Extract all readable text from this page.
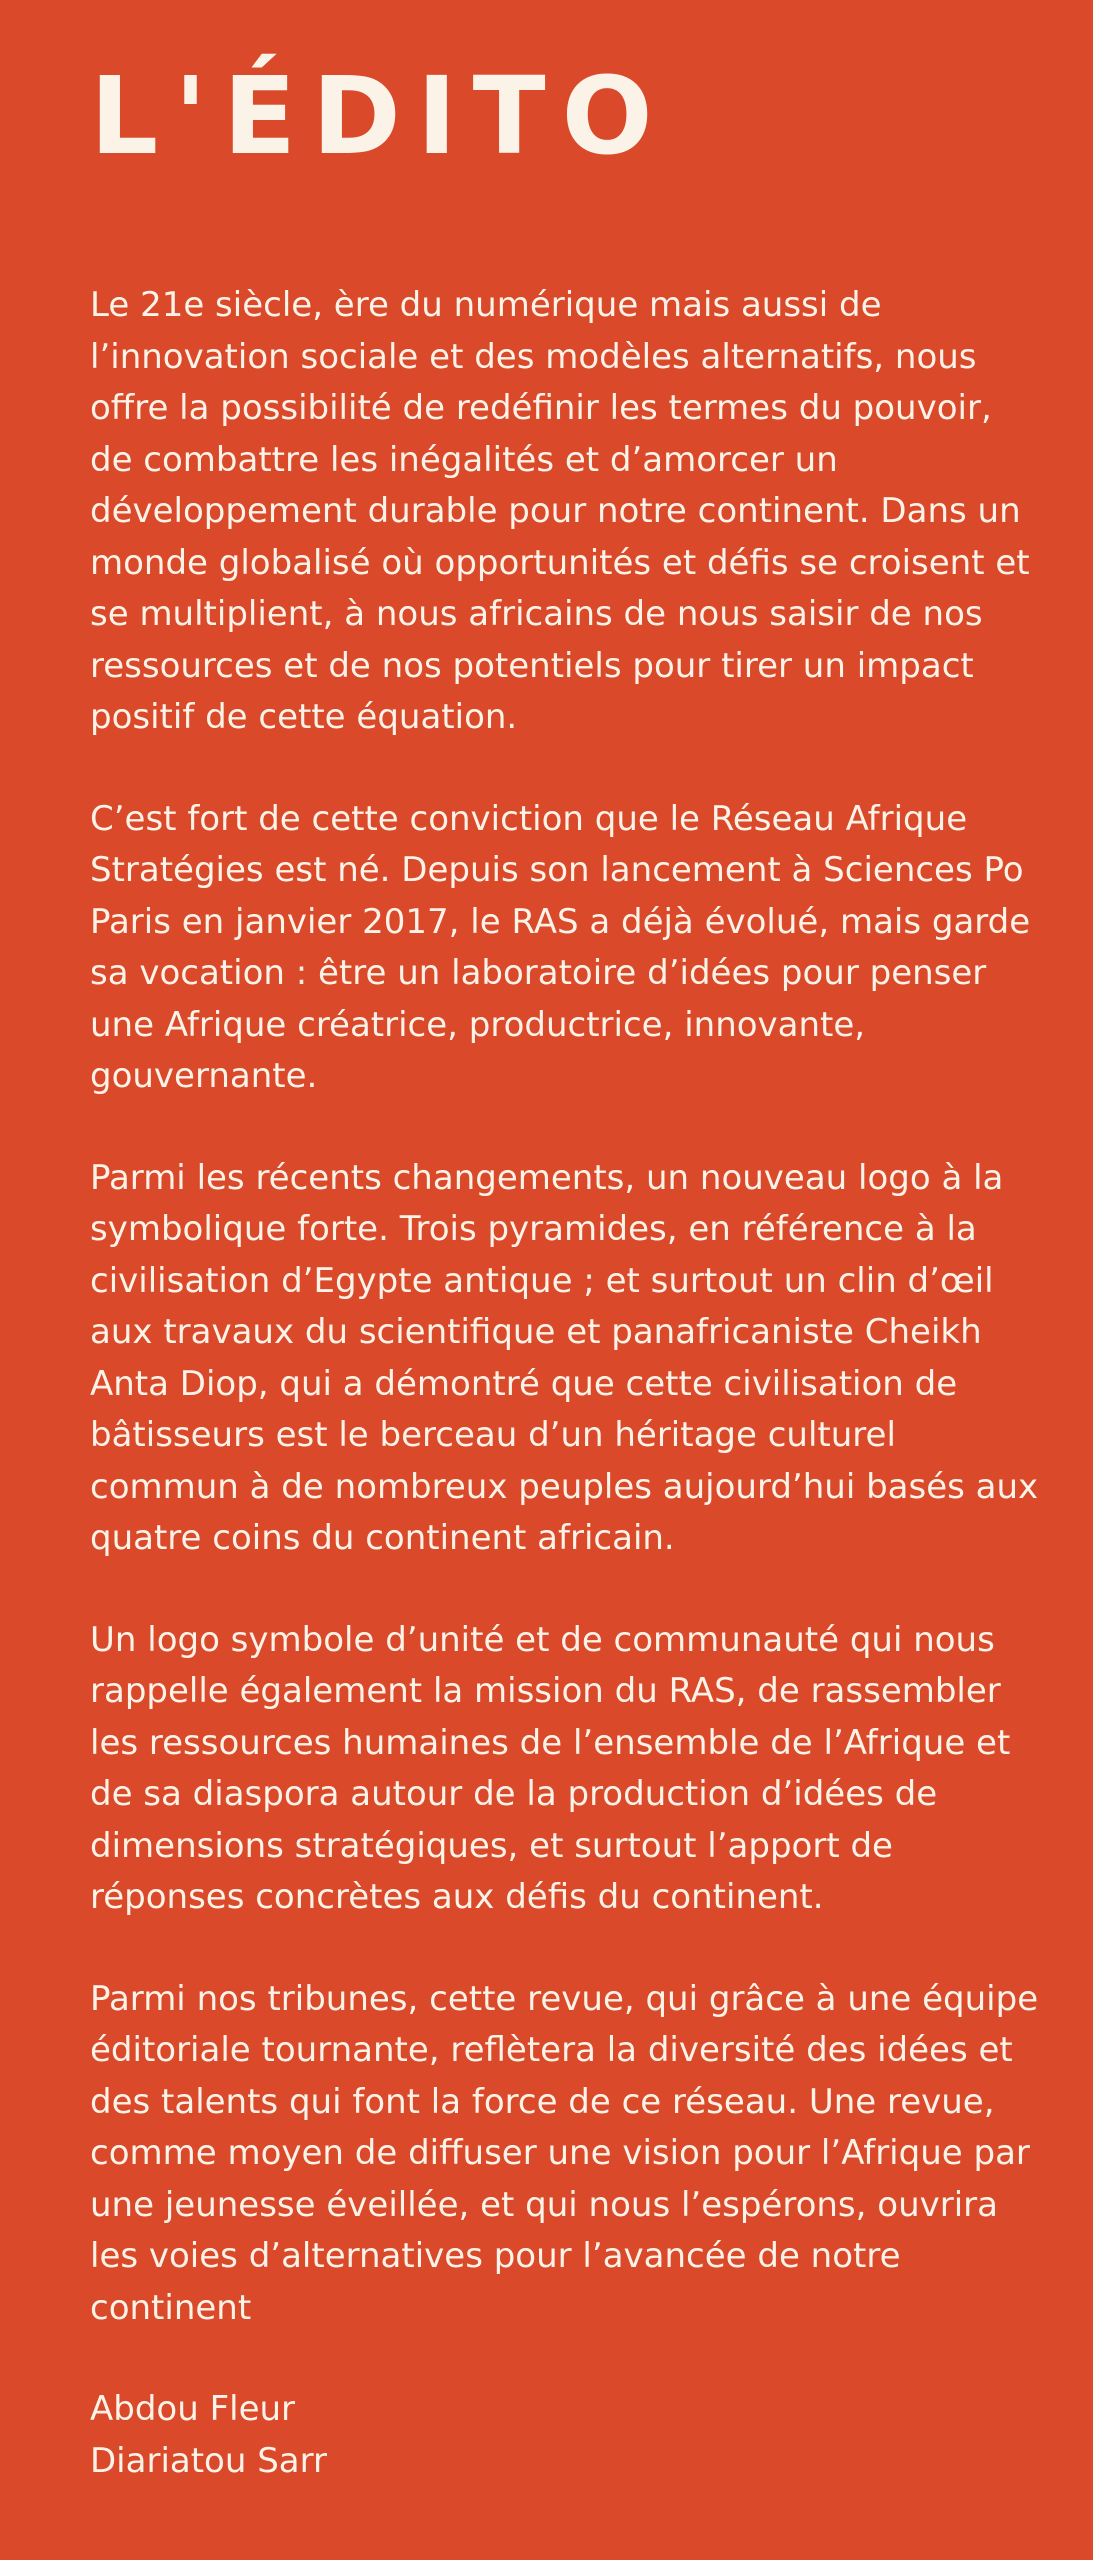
L'ÉDITO

Le 21e siècle, ère du numérique mais aussi de l’innovation sociale et des modèles alternatifs, nous offre la possibilité de redéfinir les termes du pouvoir, de combattre les inégalités et d’amorcer un développement durable pour notre continent. Dans un monde globalisé où opportunités et défis se croisent et se multiplient, à nous africains de nous saisir de nos ressources et de nos potentiels pour tirer un impact positif de cette équation.

C’est fort de cette conviction que le Réseau Afrique Stratégies est né. Depuis son lancement à Sciences Po Paris en janvier 2017, le RAS a déjà évolué, mais garde sa vocation : être un laboratoire d’idées pour penser une Afrique créatrice, productrice, innovante, gouvernante.

Parmi les récents changements, un nouveau logo à la symbolique forte. Trois pyramides, en référence à la civilisation d’Egypte antique ; et surtout un clin d’œil aux travaux du scientifique et panafricaniste Cheikh Anta Diop, qui a démontré que cette civilisation de bâtisseurs est le berceau d’un héritage culturel commun à de nombreux peuples aujourd’hui basés aux quatre coins du continent africain.

Un logo symbole d’unité et de communauté qui nous rappelle également la mission du RAS, de rassembler les ressources humaines de l’ensemble de l’Afrique et de sa diaspora autour de la production d’idées de dimensions stratégiques, et surtout l’apport de réponses concrètes aux défis du continent.

Parmi nos tribunes, cette revue, qui grâce à une équipe éditoriale tournante, reflètera la diversité des idées et des talents qui font la force de ce réseau. Une revue, comme moyen de diffuser une vision pour l’Afrique par une jeunesse éveillée, et qui nous l’espérons, ouvrira les voies d’alternatives pour l’avancée de notre continent

Abdou Fleur
Diariatou Sarr
